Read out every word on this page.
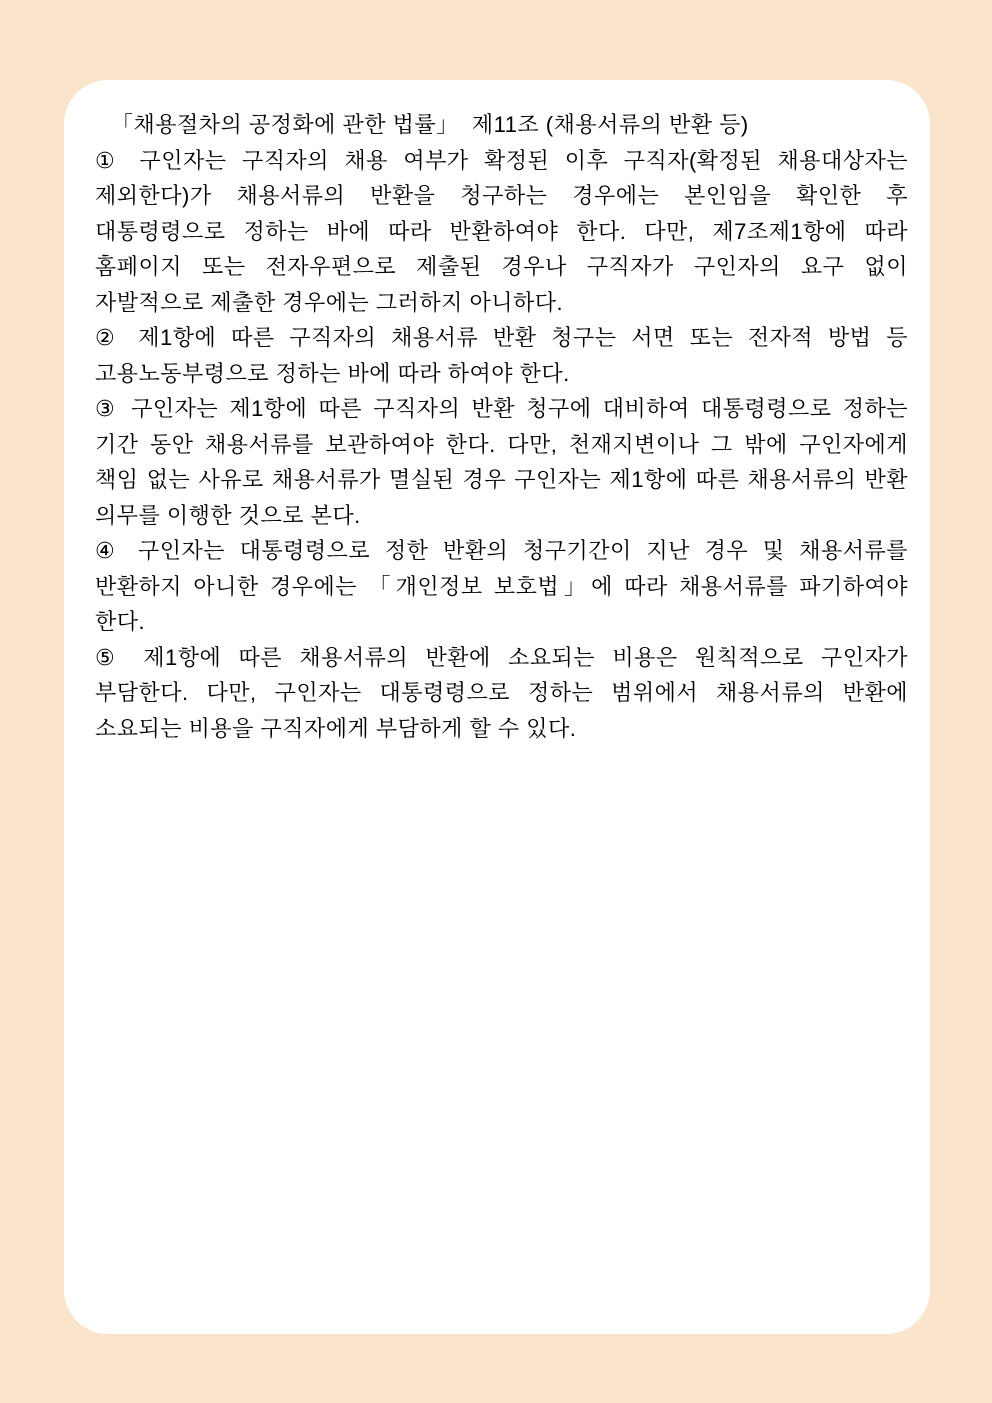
「채용절차의 공정화에 관한 법률」  제11조 (채용서류의 반환 등)

① 구인자는 구직자의 채용 여부가 확정된 이후 구직자(확정된 채용대상자는 제외한다)가 채용서류의 반환을 청구하는 경우에는 본인임을 확인한 후 대통령령으로 정하는 바에 따라 반환하여야 한다. 다만, 제7조제1항에 따라 홈페이지 또는 전자우편으로 제출된 경우나 구직자가 구인자의 요구 없이 자발적으로 제출한 경우에는 그러하지 아니하다.

② 제1항에 따른 구직자의 채용서류 반환 청구는 서면 또는 전자적 방법 등 고용노동부령으로 정하는 바에 따라 하여야 한다.

③ 구인자는 제1항에 따른 구직자의 반환 청구에 대비하여 대통령령으로 정하는 기간 동안 채용서류를 보관하여야 한다. 다만, 천재지변이나 그 밖에 구인자에게 책임 없는 사유로 채용서류가 멸실된 경우 구인자는 제1항에 따른 채용서류의 반환 의무를 이행한 것으로 본다.

④ 구인자는 대통령령으로 정한 반환의 청구기간이 지난 경우 및 채용서류를 반환하지 아니한 경우에는 「개인정보 보호법」에 따라 채용서류를 파기하여야 한다.

⑤ 제1항에 따른 채용서류의 반환에 소요되는 비용은 원칙적으로 구인자가 부담한다. 다만, 구인자는 대통령령으로 정하는 범위에서 채용서류의 반환에 소요되는 비용을 구직자에게 부담하게 할 수 있다.
